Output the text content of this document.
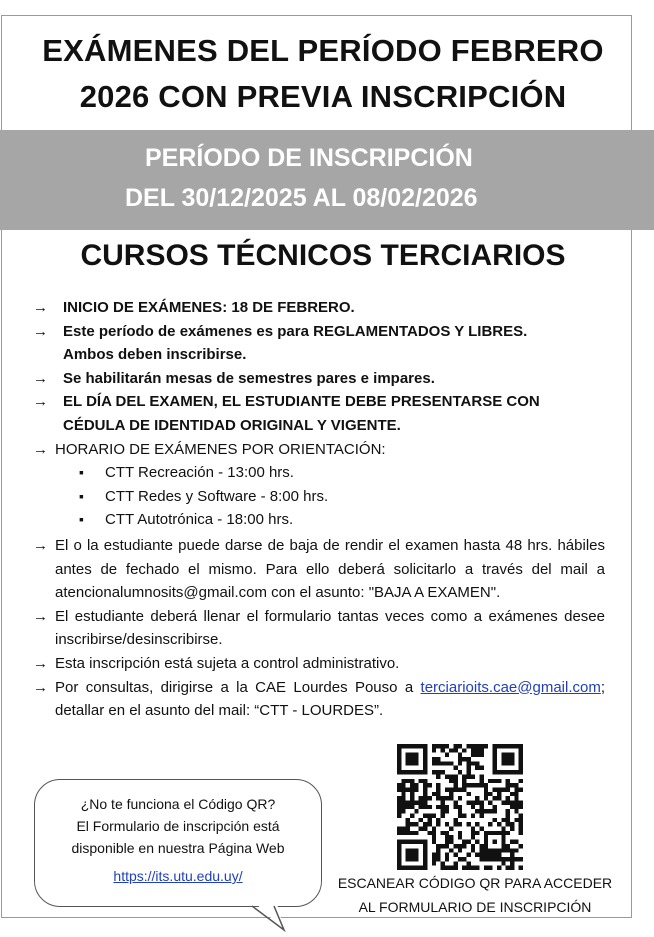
EXÁMENES DEL PERÍODO FEBRERO
2026 CON PREVIA INSCRIPCIÓN
PERÍODO DE INSCRIPCIÓN
DEL 30/12/2025 AL 08/02/2026
CURSOS TÉCNICOS TERCIARIOS
→	INICIO DE EXÁMENES: 18 DE FEBRERO.
→	Este período de exámenes es para REGLAMENTADOS Y LIBRES.
Ambos deben inscribirse.
→	Se habilitarán mesas de semestres pares e impares.
→	EL DÍA DEL EXAMEN, EL ESTUDIANTE DEBE PRESENTARSE CON
CÉDULA DE IDENTIDAD ORIGINAL Y VIGENTE.
→ HORARIO DE EXÁMENES POR ORIENTACIÓN:
▪ CTT Recreación - 13:00 hrs.
▪ CTT Redes y Software - 8:00 hrs.
▪ CTT Autotrónica - 18:00 hrs.
→ El o la estudiante puede darse de baja de rendir el examen hasta 48 hrs. hábiles antes de fechado el mismo. Para ello deberá solicitarlo a través del mail a atencionalumnosits@gmail.com con el asunto: "BAJA A EXAMEN".
→ El estudiante deberá llenar el formulario tantas veces como a exámenes desee inscribirse/desinscribirse.
→ Esta inscripción está sujeta a control administrativo.
→ Por consultas, dirigirse a la CAE Lourdes Pouso a terciarioits.cae@gmail.com; detallar en el asunto del mail: “CTT - LOURDES”.
¿No te funciona el Código QR?
El Formulario de inscripción está
disponible en nuestra Página Web
https://its.utu.edu.uy/	ESCANEAR CÓDIGO QR PARA ACCEDER
AL FORMULARIO DE INSCRIPCIÓN
